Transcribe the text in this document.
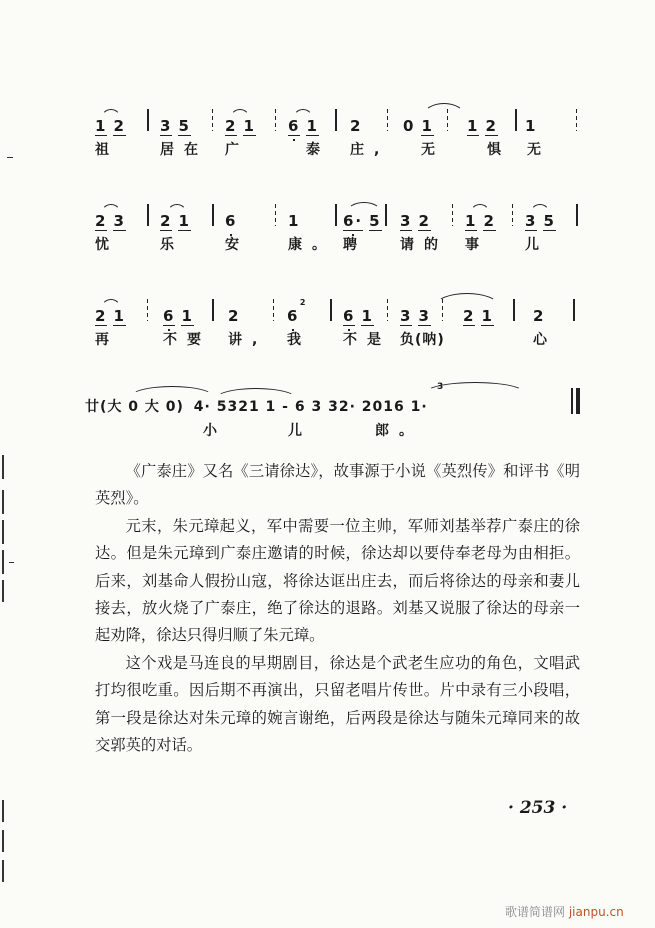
1 2
祖
3 5
居在
2 1
广
6 1
泰
2
庄,
0 1
无
1 2
惧
1
无
2 3
忧
2 1
乐
6
安
1
康。
6· 5
聘
3 2
请的
1 2
事
3 5
儿
2 1
再
6 1
不要
2
讲,
6
2
我
6 1
不是
3 3
负(呐)
2 1	2
心
廿(大 0 大 0) 4· 5321 1 - 6 3 32· 2016 1·
3
小	儿	郎。

《广泰庄》又名《三请徐达》，故事源于小说《英烈传》和评书《明英烈》。

元末，朱元璋起义，军中需要一位主帅，军师刘基举荐广泰庄的徐达。但是朱元璋到广泰庄邀请的时候，徐达却以要侍奉老母为由相拒。后来，刘基命人假扮山寇，将徐达诓出庄去，而后将徐达的母亲和妻儿接去，放火烧了广泰庄，绝了徐达的退路。刘基又说服了徐达的母亲一起劝降，徐达只得归顺了朱元璋。

这个戏是马连良的早期剧目，徐达是个武老生应功的角色，文唱武打均很吃重。因后期不再演出，只留老唱片传世。片中录有三小段唱，第一段是徐达对朱元璋的婉言谢绝，后两段是徐达与随朱元璋同来的故交郭英的对话。

· 253 ·
歌谱简谱网 jianpu.cn
